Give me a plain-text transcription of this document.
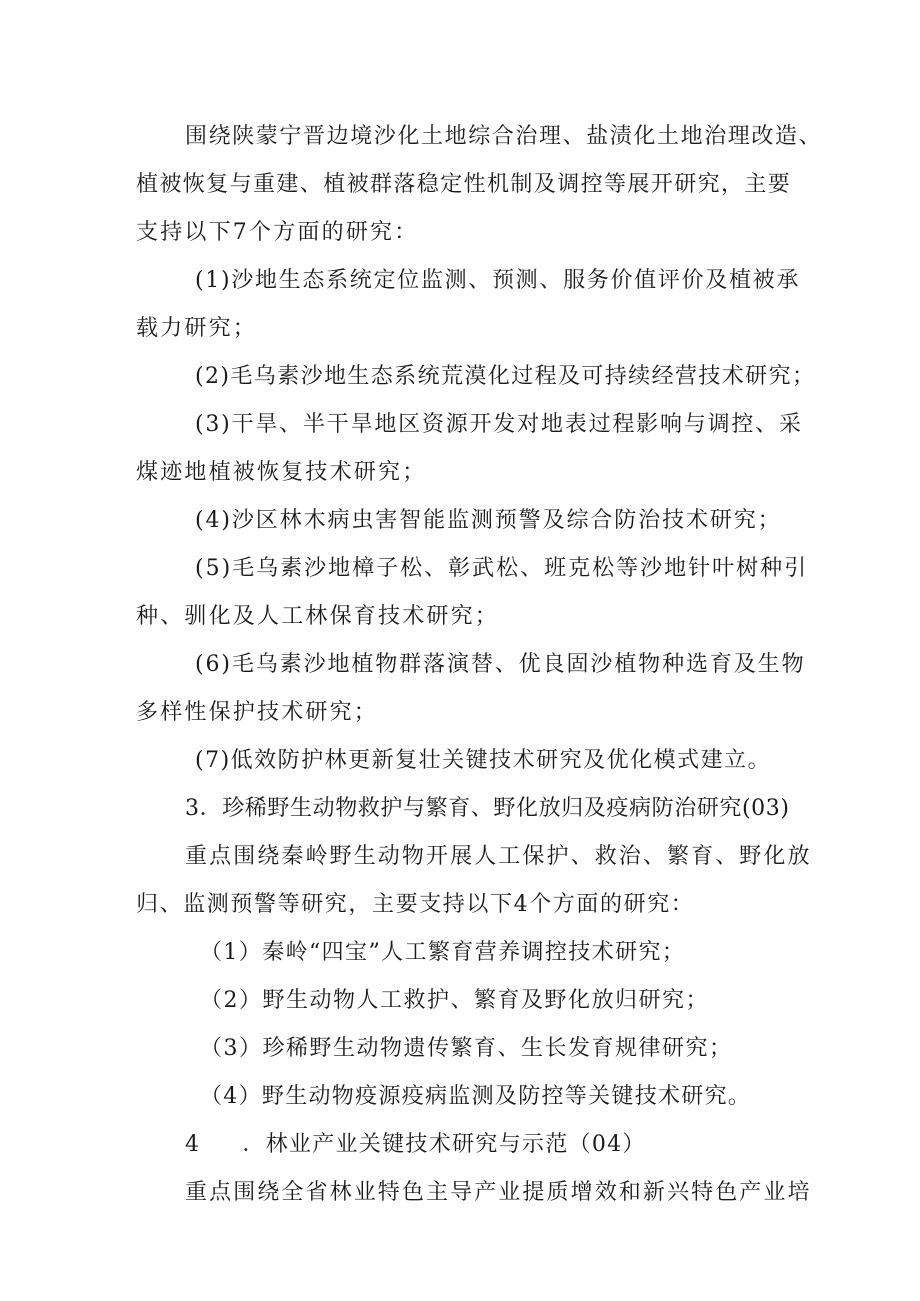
围绕陕蒙宁晋边境沙化土地综合治理、盐渍化土地治理改造、
植被恢复与重建、植被群落稳定性机制及调控等展开研究，主要
支持以下7个方面的研究：
(1)沙地生态系统定位监测、预测、服务价值评价及植被承
载力研究；
(2)毛乌素沙地生态系统荒漠化过程及可持续经营技术研究；
(3)干旱、半干旱地区资源开发对地表过程影响与调控、采
煤迹地植被恢复技术研究；
(4)沙区林木病虫害智能监测预警及综合防治技术研究；
(5)毛乌素沙地樟子松、彰武松、班克松等沙地针叶树种引
种、驯化及人工林保育技术研究；
(6)毛乌素沙地植物群落演替、优良固沙植物种选育及生物
多样性保护技术研究；
(7)低效防护林更新复壮关键技术研究及优化模式建立。
3．珍稀野生动物救护与繁育、野化放归及疫病防治研究(03)
重点围绕秦岭野生动物开展人工保护、救治、繁育、野化放
归、监测预警等研究，主要支持以下4个方面的研究：
（1）秦岭“四宝”人工繁育营养调控技术研究；
（2）野生动物人工救护、繁育及野化放归研究；
（3）珍稀野生动物遗传繁育、生长发育规律研究；
（4）野生动物疫源疫病监测及防控等关键技术研究。
4 ．林业产业关键技术研究与示范（04）
重点围绕全省林业特色主导产业提质增效和新兴特色产业培
